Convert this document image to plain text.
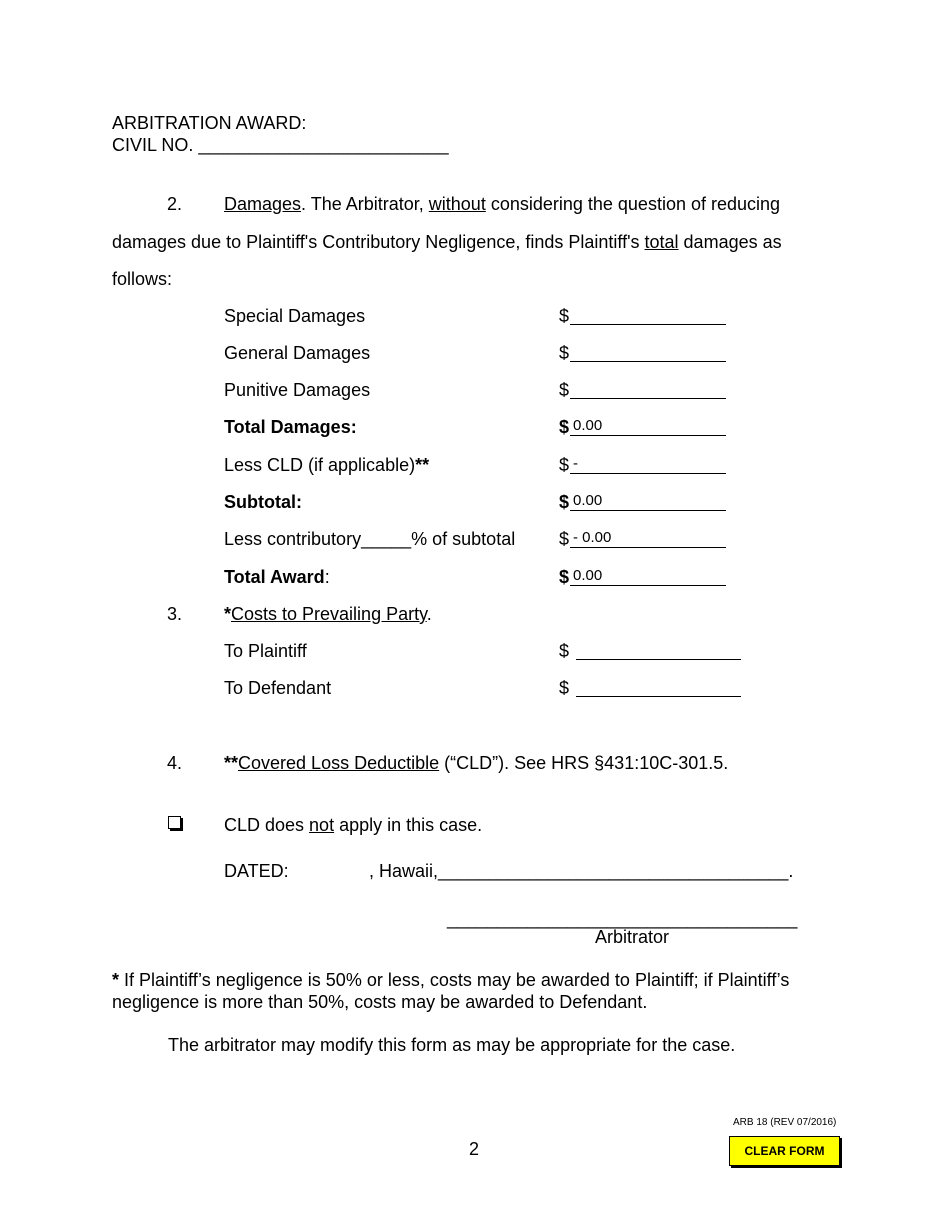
ARBITRATION AWARD:
CIVIL NO. _________________________
2. Damages. The Arbitrator, without considering the question of reducing
damages due to Plaintiff's Contributory Negligence, finds Plaintiff's total damages as
follows:
Special Damages	$
General Damages	$
Punitive Damages	$
Total Damages:	$ 0.00
Less CLD (if applicable)**	$ -
Subtotal:	$ 0.00
Less contributory_____% of subtotal $ - 0.00
Total Award:	$ 0.00
3. *Costs to Prevailing Party.
To Plaintiff	$
To Defendant	$
4. **Covered Loss Deductible (“CLD”). See HRS §431:10C-301.5.
CLD does not apply in this case.
DATED:	, Hawaii,___________________________________.
___________________________________
Arbitrator
* If Plaintiff’s negligence is 50% or less, costs may be awarded to Plaintiff; if Plaintiff’s
negligence is more than 50%, costs may be awarded to Defendant.
The arbitrator may modify this form as may be appropriate for the case.
ARB 18 (REV 07/2016)
2	CLEAR FORM
